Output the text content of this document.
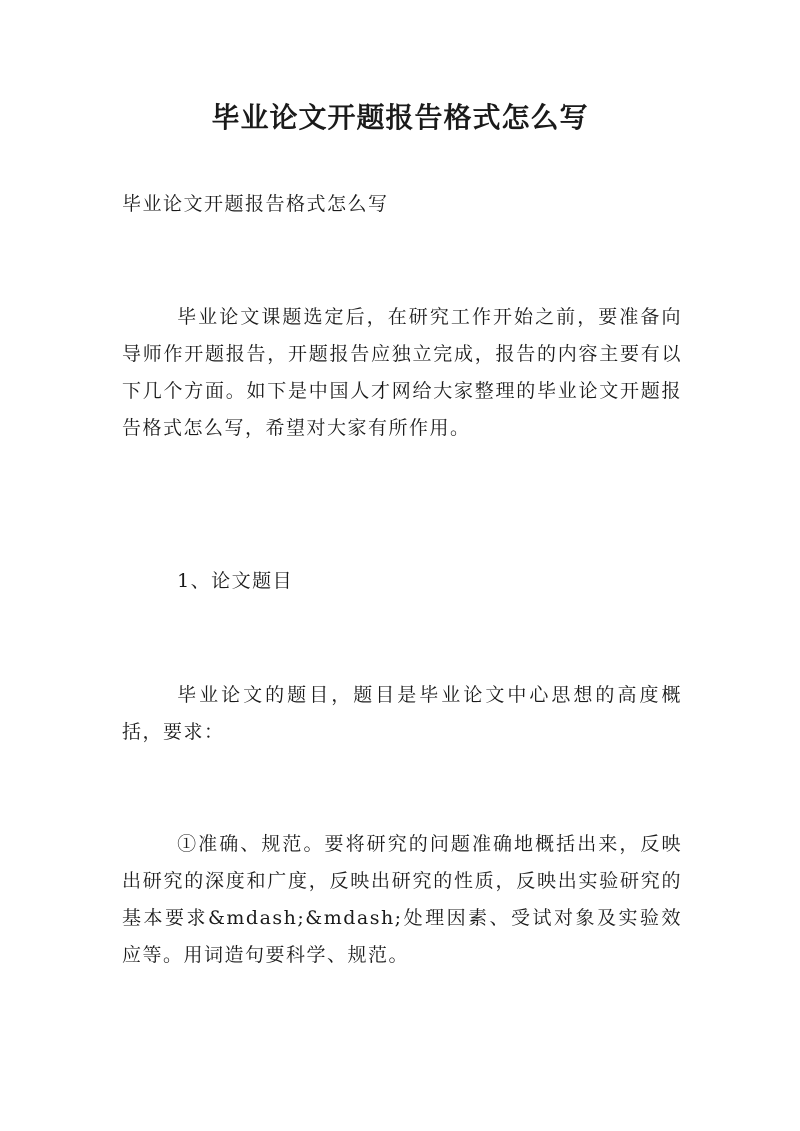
毕业论文开题报告格式怎么写
毕业论文开题报告格式怎么写
毕业论文课题选定后，在研究工作开始之前，要准备向导师作开题报告，开题报告应独立完成，报告的内容主要有以下几个方面。如下是中国人才网给大家整理的毕业论文开题报告格式怎么写，希望对大家有所作用。
1、论文题目
毕业论文的题目，题目是毕业论文中心思想的高度概括，要求：
①准确、规范。要将研究的问题准确地概括出来，反映出研究的深度和广度，反映出研究的性质，反映出实验研究的基本要求&mdash;&mdash;处理因素、受试对象及实验效应等。用词造句要科学、规范。
